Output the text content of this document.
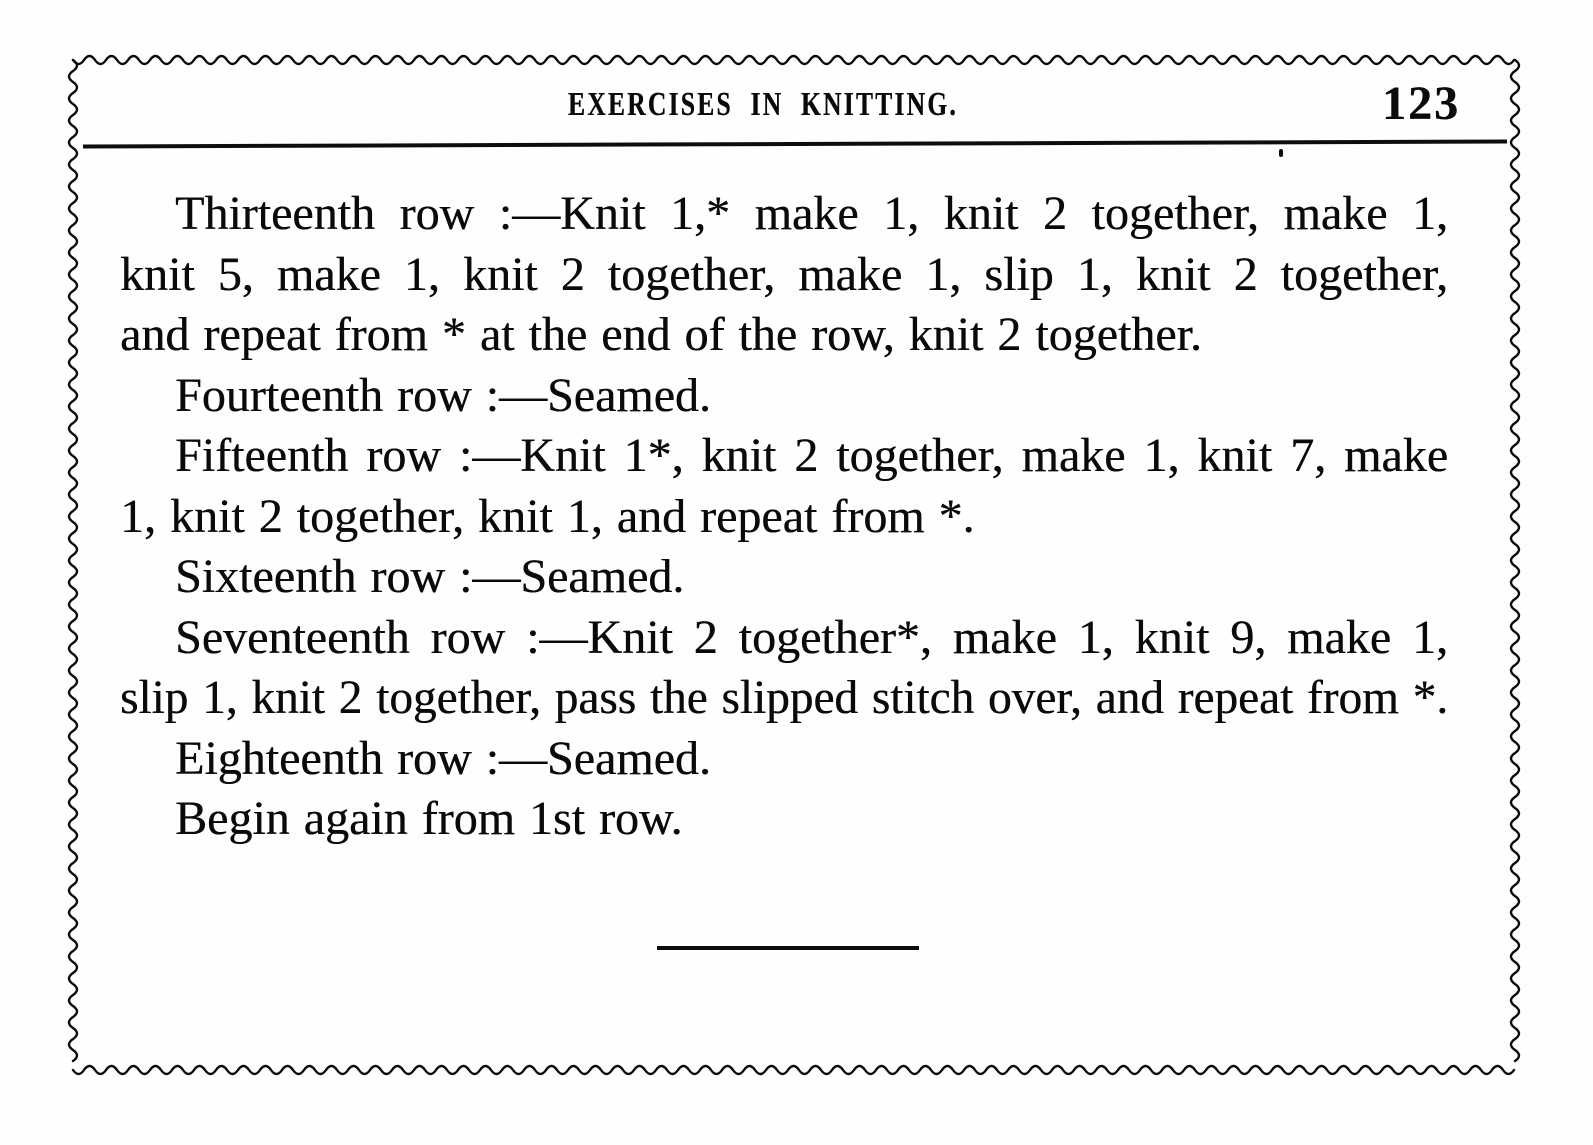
EXERCISES IN KNITTING.	123
Thirteenth row :—Knit 1,* make 1, knit 2 together, make 1,
knit 5, make 1, knit 2 together, make 1, slip 1, knit 2 together,
and repeat from * at the end of the row, knit 2 together.
Fourteenth row :—Seamed.
Fifteenth row :—Knit 1*, knit 2 together, make 1, knit 7, make
1, knit 2 together, knit 1, and repeat from *.
Sixteenth row :—Seamed.
Seventeenth row :—Knit 2 together*, make 1, knit 9, make 1,
slip 1, knit 2 together, pass the slipped stitch over, and repeat from *.
Eighteenth row :—Seamed.
Begin again from 1st row.
